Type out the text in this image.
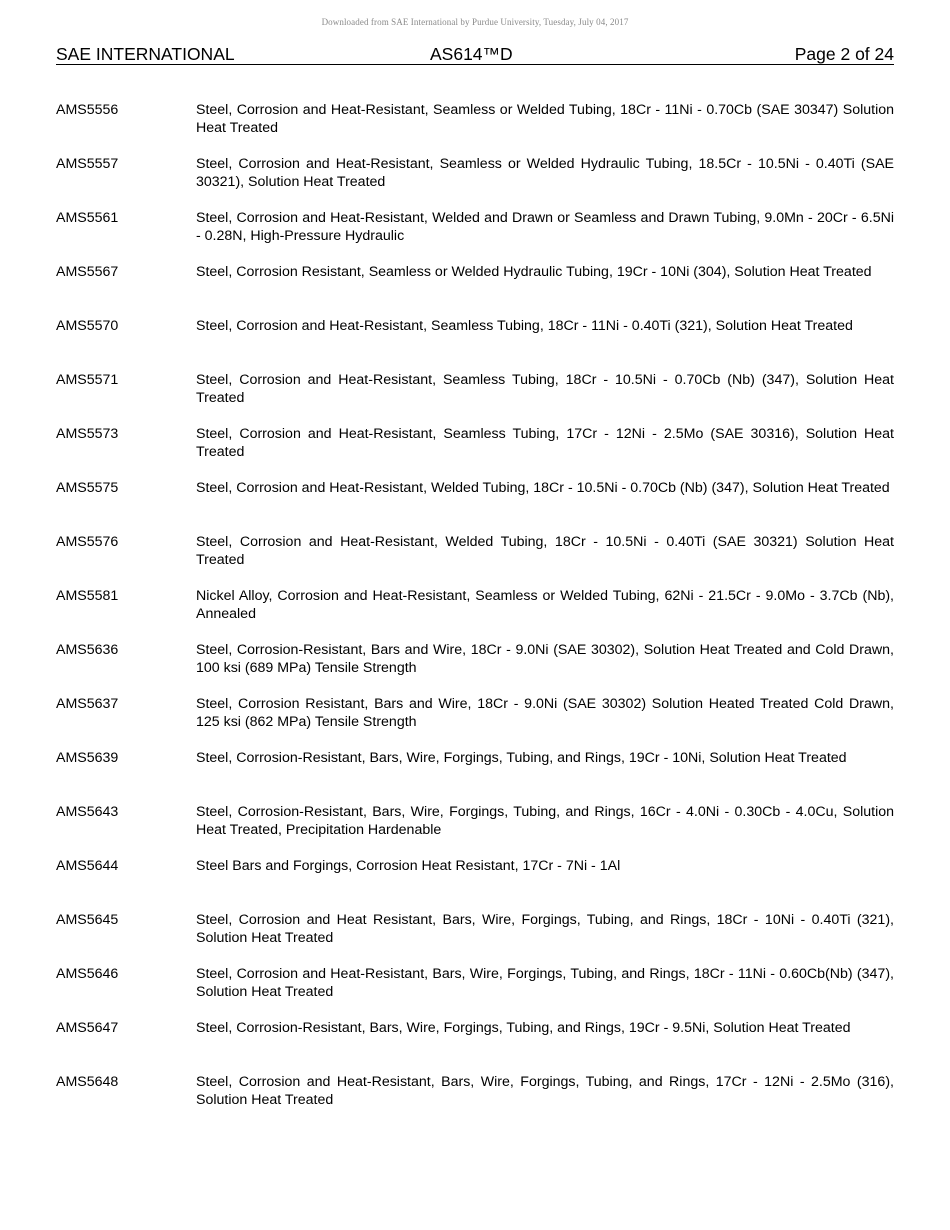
Downloaded from SAE International by Purdue University, Tuesday, July 04, 2017
SAE INTERNATIONAL	AS614™D	Page 2 of 24
AMS5556	Steel, Corrosion and Heat-Resistant, Seamless or Welded Tubing, 18Cr - 11Ni - 0.70Cb (SAE 30347) Solution Heat Treated
AMS5557	Steel, Corrosion and Heat-Resistant, Seamless or Welded Hydraulic Tubing, 18.5Cr - 10.5Ni - 0.40Ti (SAE 30321), Solution Heat Treated
AMS5561	Steel, Corrosion and Heat-Resistant, Welded and Drawn or Seamless and Drawn Tubing, 9.0Mn - 20Cr - 6.5Ni - 0.28N, High-Pressure Hydraulic
AMS5567	Steel, Corrosion Resistant, Seamless or Welded Hydraulic Tubing, 19Cr - 10Ni (304), Solution Heat Treated
AMS5570	Steel, Corrosion and Heat-Resistant, Seamless Tubing, 18Cr - 11Ni - 0.40Ti (321), Solution Heat Treated
AMS5571	Steel, Corrosion and Heat-Resistant, Seamless Tubing, 18Cr - 10.5Ni - 0.70Cb (Nb) (347), Solution Heat Treated
AMS5573	Steel, Corrosion and Heat-Resistant, Seamless Tubing, 17Cr - 12Ni - 2.5Mo (SAE 30316), Solution Heat Treated
AMS5575	Steel, Corrosion and Heat-Resistant, Welded Tubing, 18Cr - 10.5Ni - 0.70Cb (Nb) (347), Solution Heat Treated
AMS5576	Steel, Corrosion and Heat-Resistant, Welded Tubing, 18Cr - 10.5Ni - 0.40Ti (SAE 30321) Solution Heat Treated
AMS5581	Nickel Alloy, Corrosion and Heat-Resistant, Seamless or Welded Tubing, 62Ni - 21.5Cr - 9.0Mo - 3.7Cb (Nb), Annealed
AMS5636	Steel, Corrosion-Resistant, Bars and Wire, 18Cr - 9.0Ni (SAE 30302), Solution Heat Treated and Cold Drawn, 100 ksi (689 MPa) Tensile Strength
AMS5637	Steel, Corrosion Resistant, Bars and Wire, 18Cr - 9.0Ni (SAE 30302) Solution Heated Treated Cold Drawn, 125 ksi (862 MPa) Tensile Strength
AMS5639	Steel, Corrosion-Resistant, Bars, Wire, Forgings, Tubing, and Rings, 19Cr - 10Ni, Solution Heat Treated
AMS5643	Steel, Corrosion-Resistant, Bars, Wire, Forgings, Tubing, and Rings, 16Cr - 4.0Ni - 0.30Cb - 4.0Cu, Solution Heat Treated, Precipitation Hardenable
AMS5644	Steel Bars and Forgings, Corrosion Heat Resistant, 17Cr - 7Ni - 1Al
AMS5645	Steel, Corrosion and Heat Resistant, Bars, Wire, Forgings, Tubing, and Rings, 18Cr - 10Ni - 0.40Ti (321), Solution Heat Treated
AMS5646	Steel, Corrosion and Heat-Resistant, Bars, Wire, Forgings, Tubing, and Rings, 18Cr - 11Ni - 0.60Cb(Nb) (347), Solution Heat Treated
AMS5647	Steel, Corrosion-Resistant, Bars, Wire, Forgings, Tubing, and Rings, 19Cr - 9.5Ni, Solution Heat Treated
AMS5648	Steel, Corrosion and Heat-Resistant, Bars, Wire, Forgings, Tubing, and Rings, 17Cr - 12Ni - 2.5Mo (316), Solution Heat Treated
